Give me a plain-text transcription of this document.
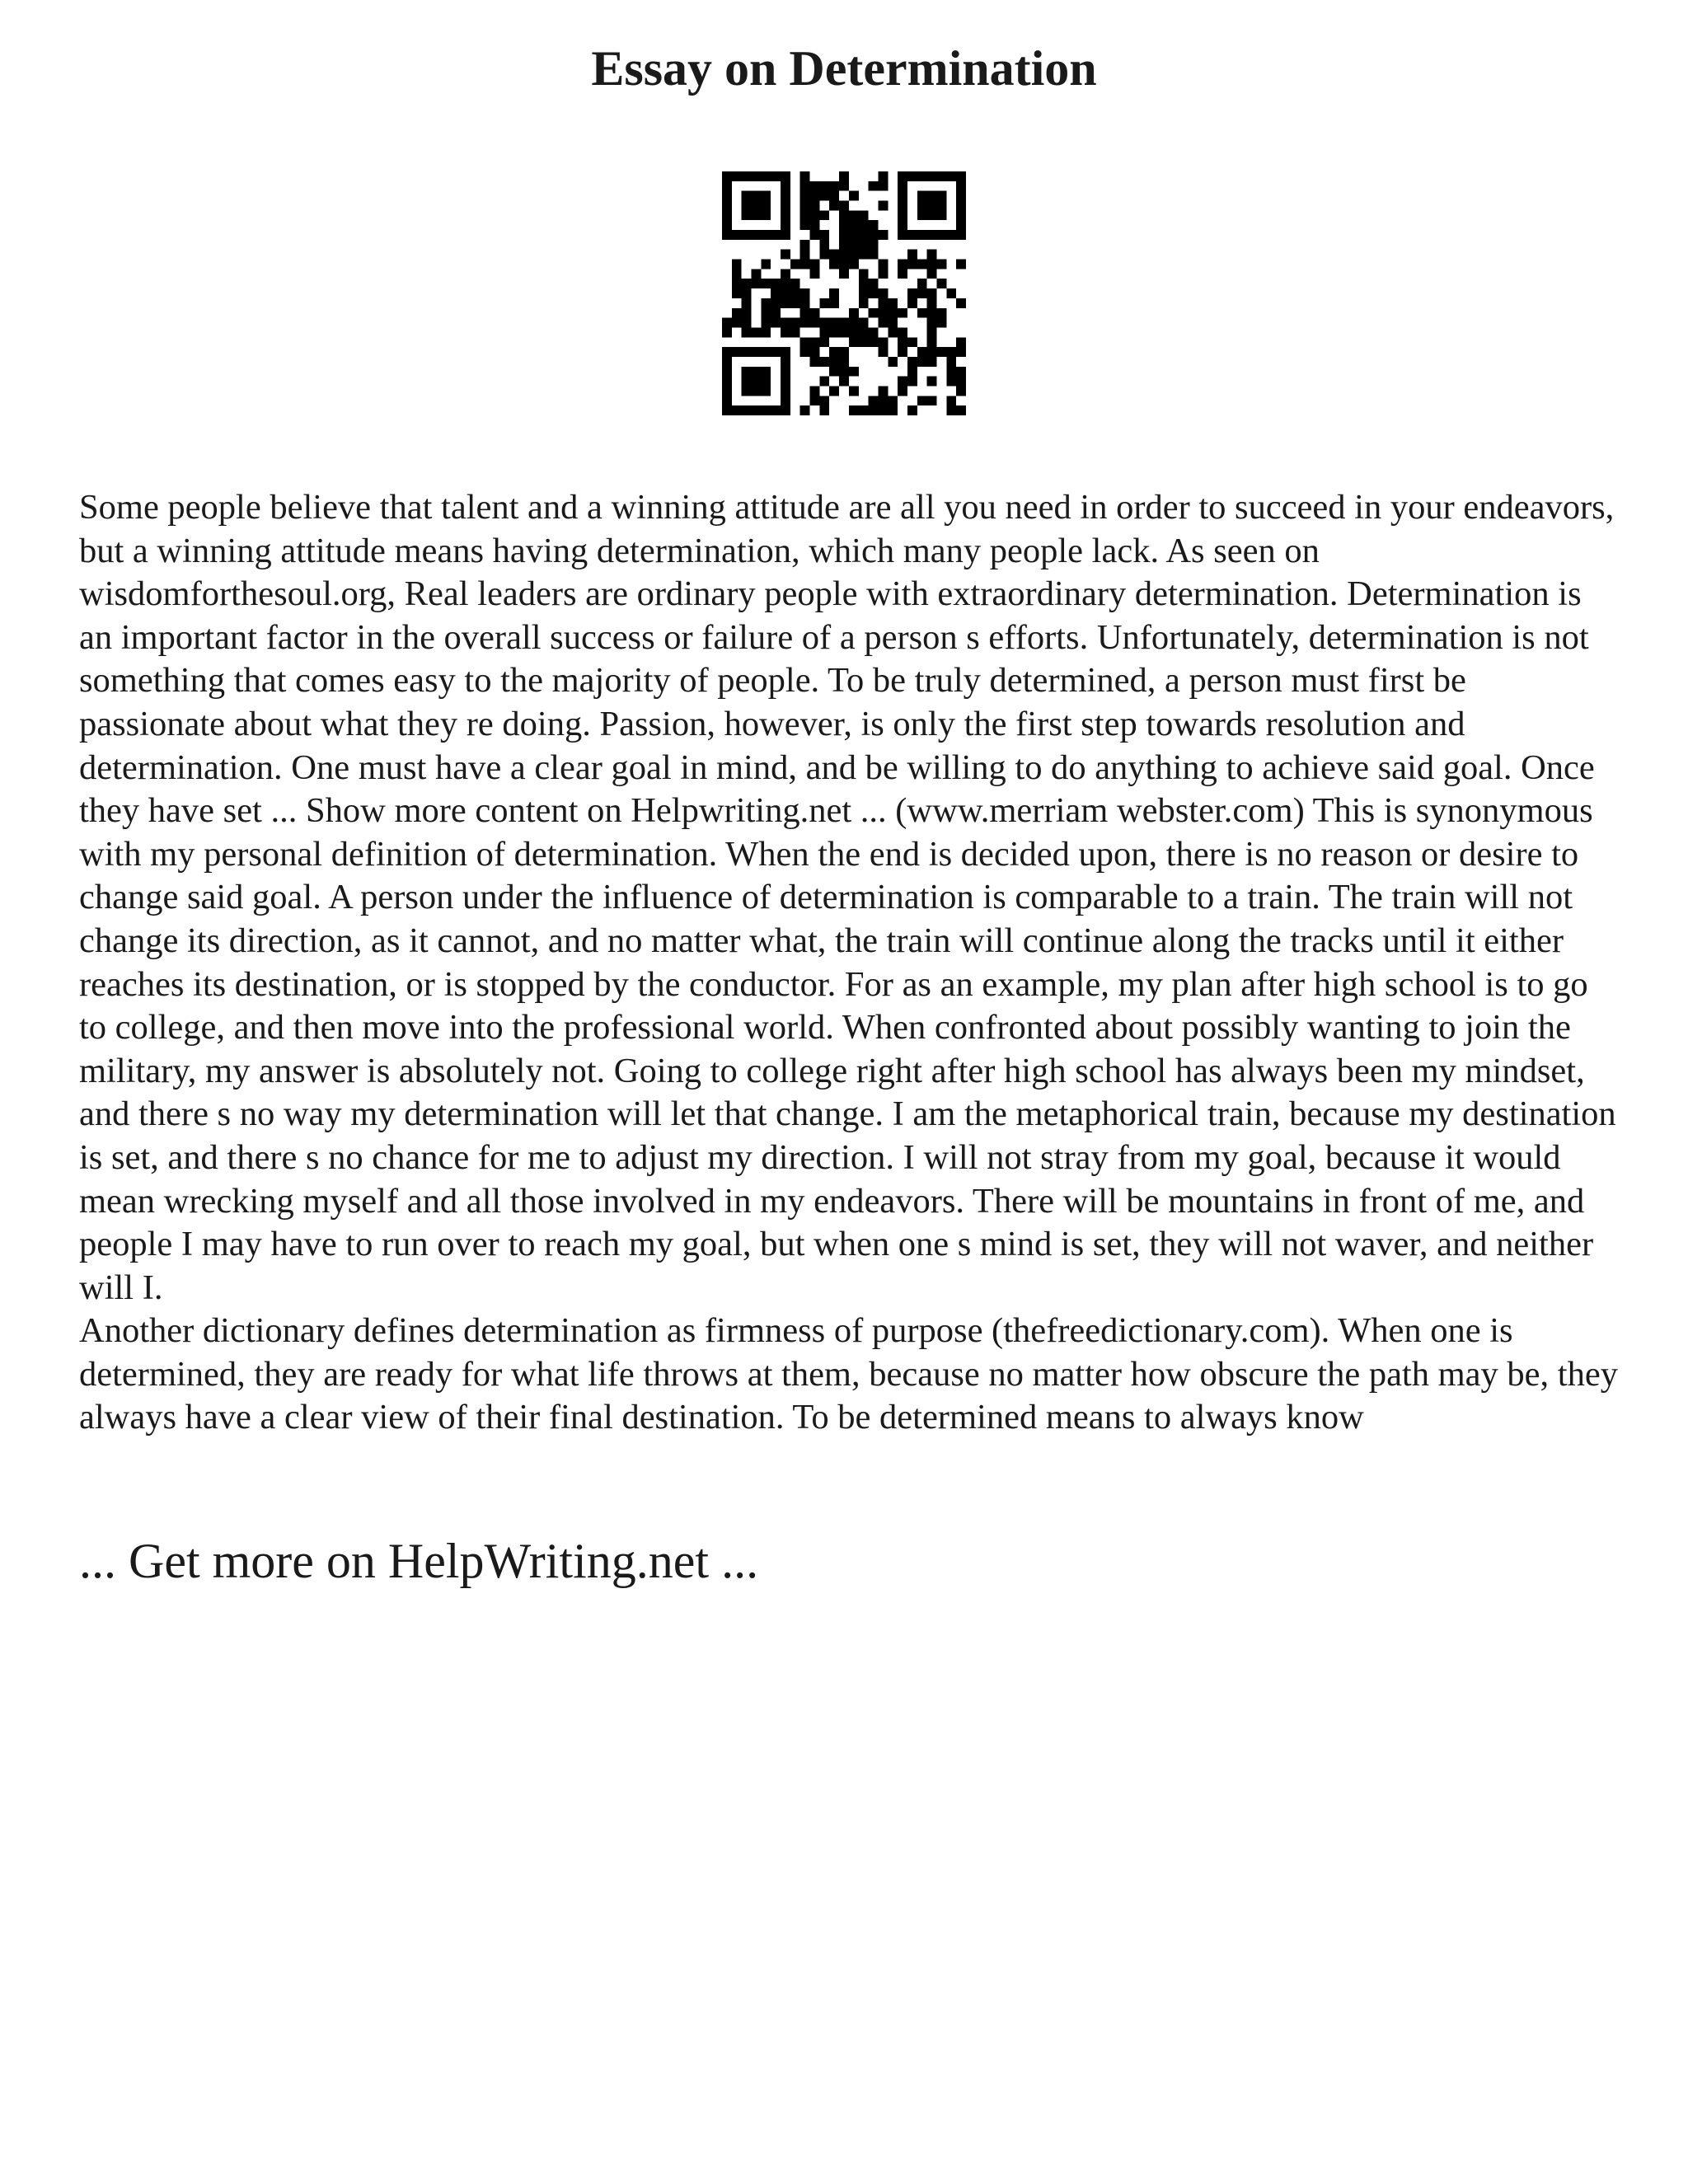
Essay on Determination

Some people believe that talent and a winning attitude are all you need in order to succeed in your endeavors, but a winning attitude means having determination, which many people lack. As seen on wisdomforthesoul.org, Real leaders are ordinary people with extraordinary determination. Determination is an important factor in the overall success or failure of a person s efforts. Unfortunately, determination is not something that comes easy to the majority of people. To be truly determined, a person must first be passionate about what they re doing. Passion, however, is only the first step towards resolution and determination. One must have a clear goal in mind, and be willing to do anything to achieve said goal. Once they have set ... Show more content on Helpwriting.net ... (www.merriam webster.com) This is synonymous with my personal definition of determination. When the end is decided upon, there is no reason or desire to change said goal. A person under the influence of determination is comparable to a train. The train will not change its direction, as it cannot, and no matter what, the train will continue along the tracks until it either reaches its destination, or is stopped by the conductor. For as an example, my plan after high school is to go to college, and then move into the professional world. When confronted about possibly wanting to join the military, my answer is absolutely not. Going to college right after high school has always been my mindset, and there s no way my determination will let that change. I am the metaphorical train, because my destination is set, and there s no chance for me to adjust my direction. I will not stray from my goal, because it would mean wrecking myself and all those involved in my endeavors. There will be mountains in front of me, and people I may have to run over to reach my goal, but when one s mind is set, they will not waver, and neither will I.

Another dictionary defines determination as firmness of purpose (thefreedictionary.com). When one is determined, they are ready for what life throws at them, because no matter how obscure the path may be, they always have a clear view of their final destination. To be determined means to always know

... Get more on HelpWriting.net ...
